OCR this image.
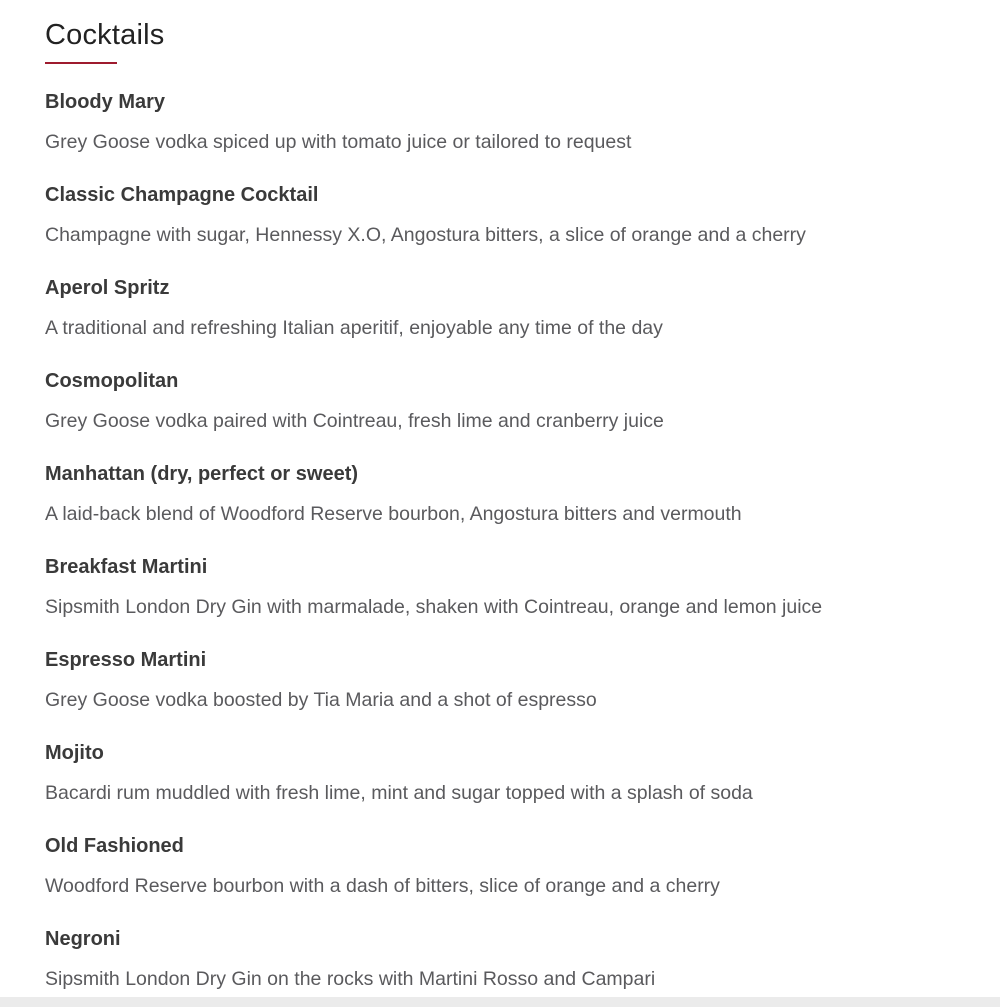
Cocktails
Bloody Mary
Grey Goose vodka spiced up with tomato juice or tailored to request
Classic Champagne Cocktail
Champagne with sugar, Hennessy X.O, Angostura bitters, a slice of orange and a cherry
Aperol Spritz
A traditional and refreshing Italian aperitif, enjoyable any time of the day
Cosmopolitan
Grey Goose vodka paired with Cointreau, fresh lime and cranberry juice
Manhattan (dry, perfect or sweet)
A laid-back blend of Woodford Reserve bourbon, Angostura bitters and vermouth
Breakfast Martini
Sipsmith London Dry Gin with marmalade, shaken with Cointreau, orange and lemon juice
Espresso Martini
Grey Goose vodka boosted by Tia Maria and a shot of espresso
Mojito
Bacardi rum muddled with fresh lime, mint and sugar topped with a splash of soda
Old Fashioned
Woodford Reserve bourbon with a dash of bitters, slice of orange and a cherry
Negroni
Sipsmith London Dry Gin on the rocks with Martini Rosso and Campari
